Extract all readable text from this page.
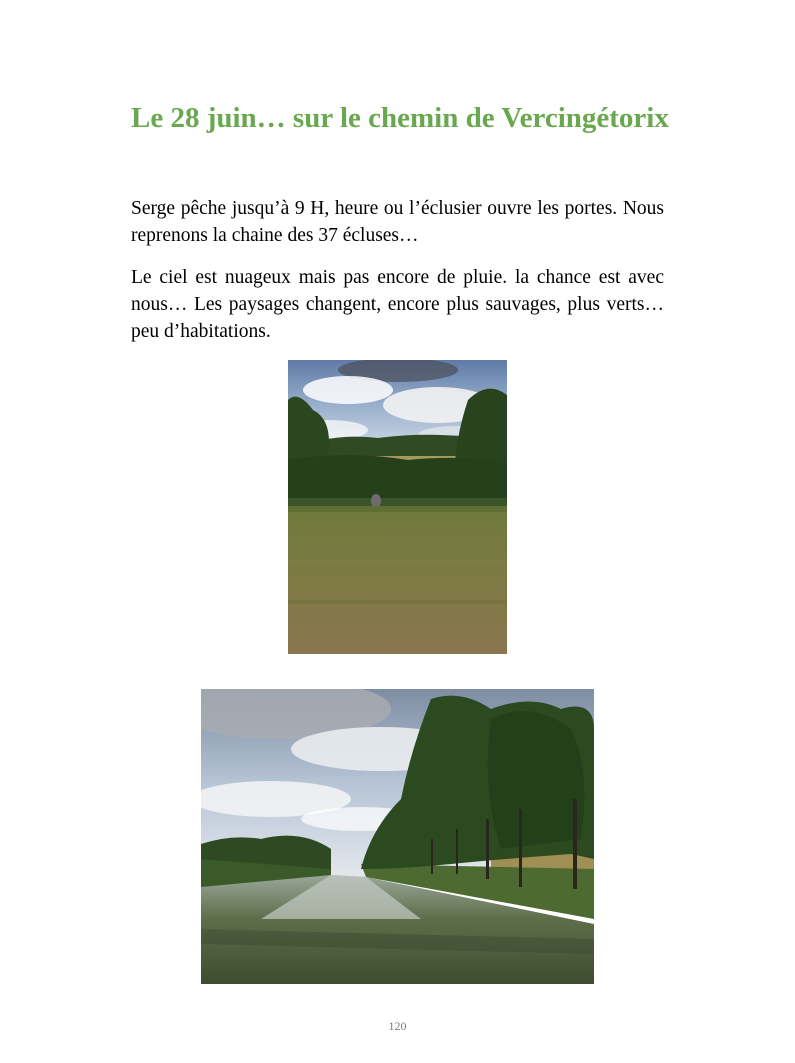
Le 28 juin… sur le chemin de Vercingétorix

Serge pêche jusqu’à 9 H, heure ou l’éclusier ouvre les portes. Nous reprenons la chaine des 37 écluses…

Le ciel est nuageux mais pas encore de pluie. la chance est avec nous… Les paysages changent, encore plus sauvages, plus verts…peu d’habitations.

120
